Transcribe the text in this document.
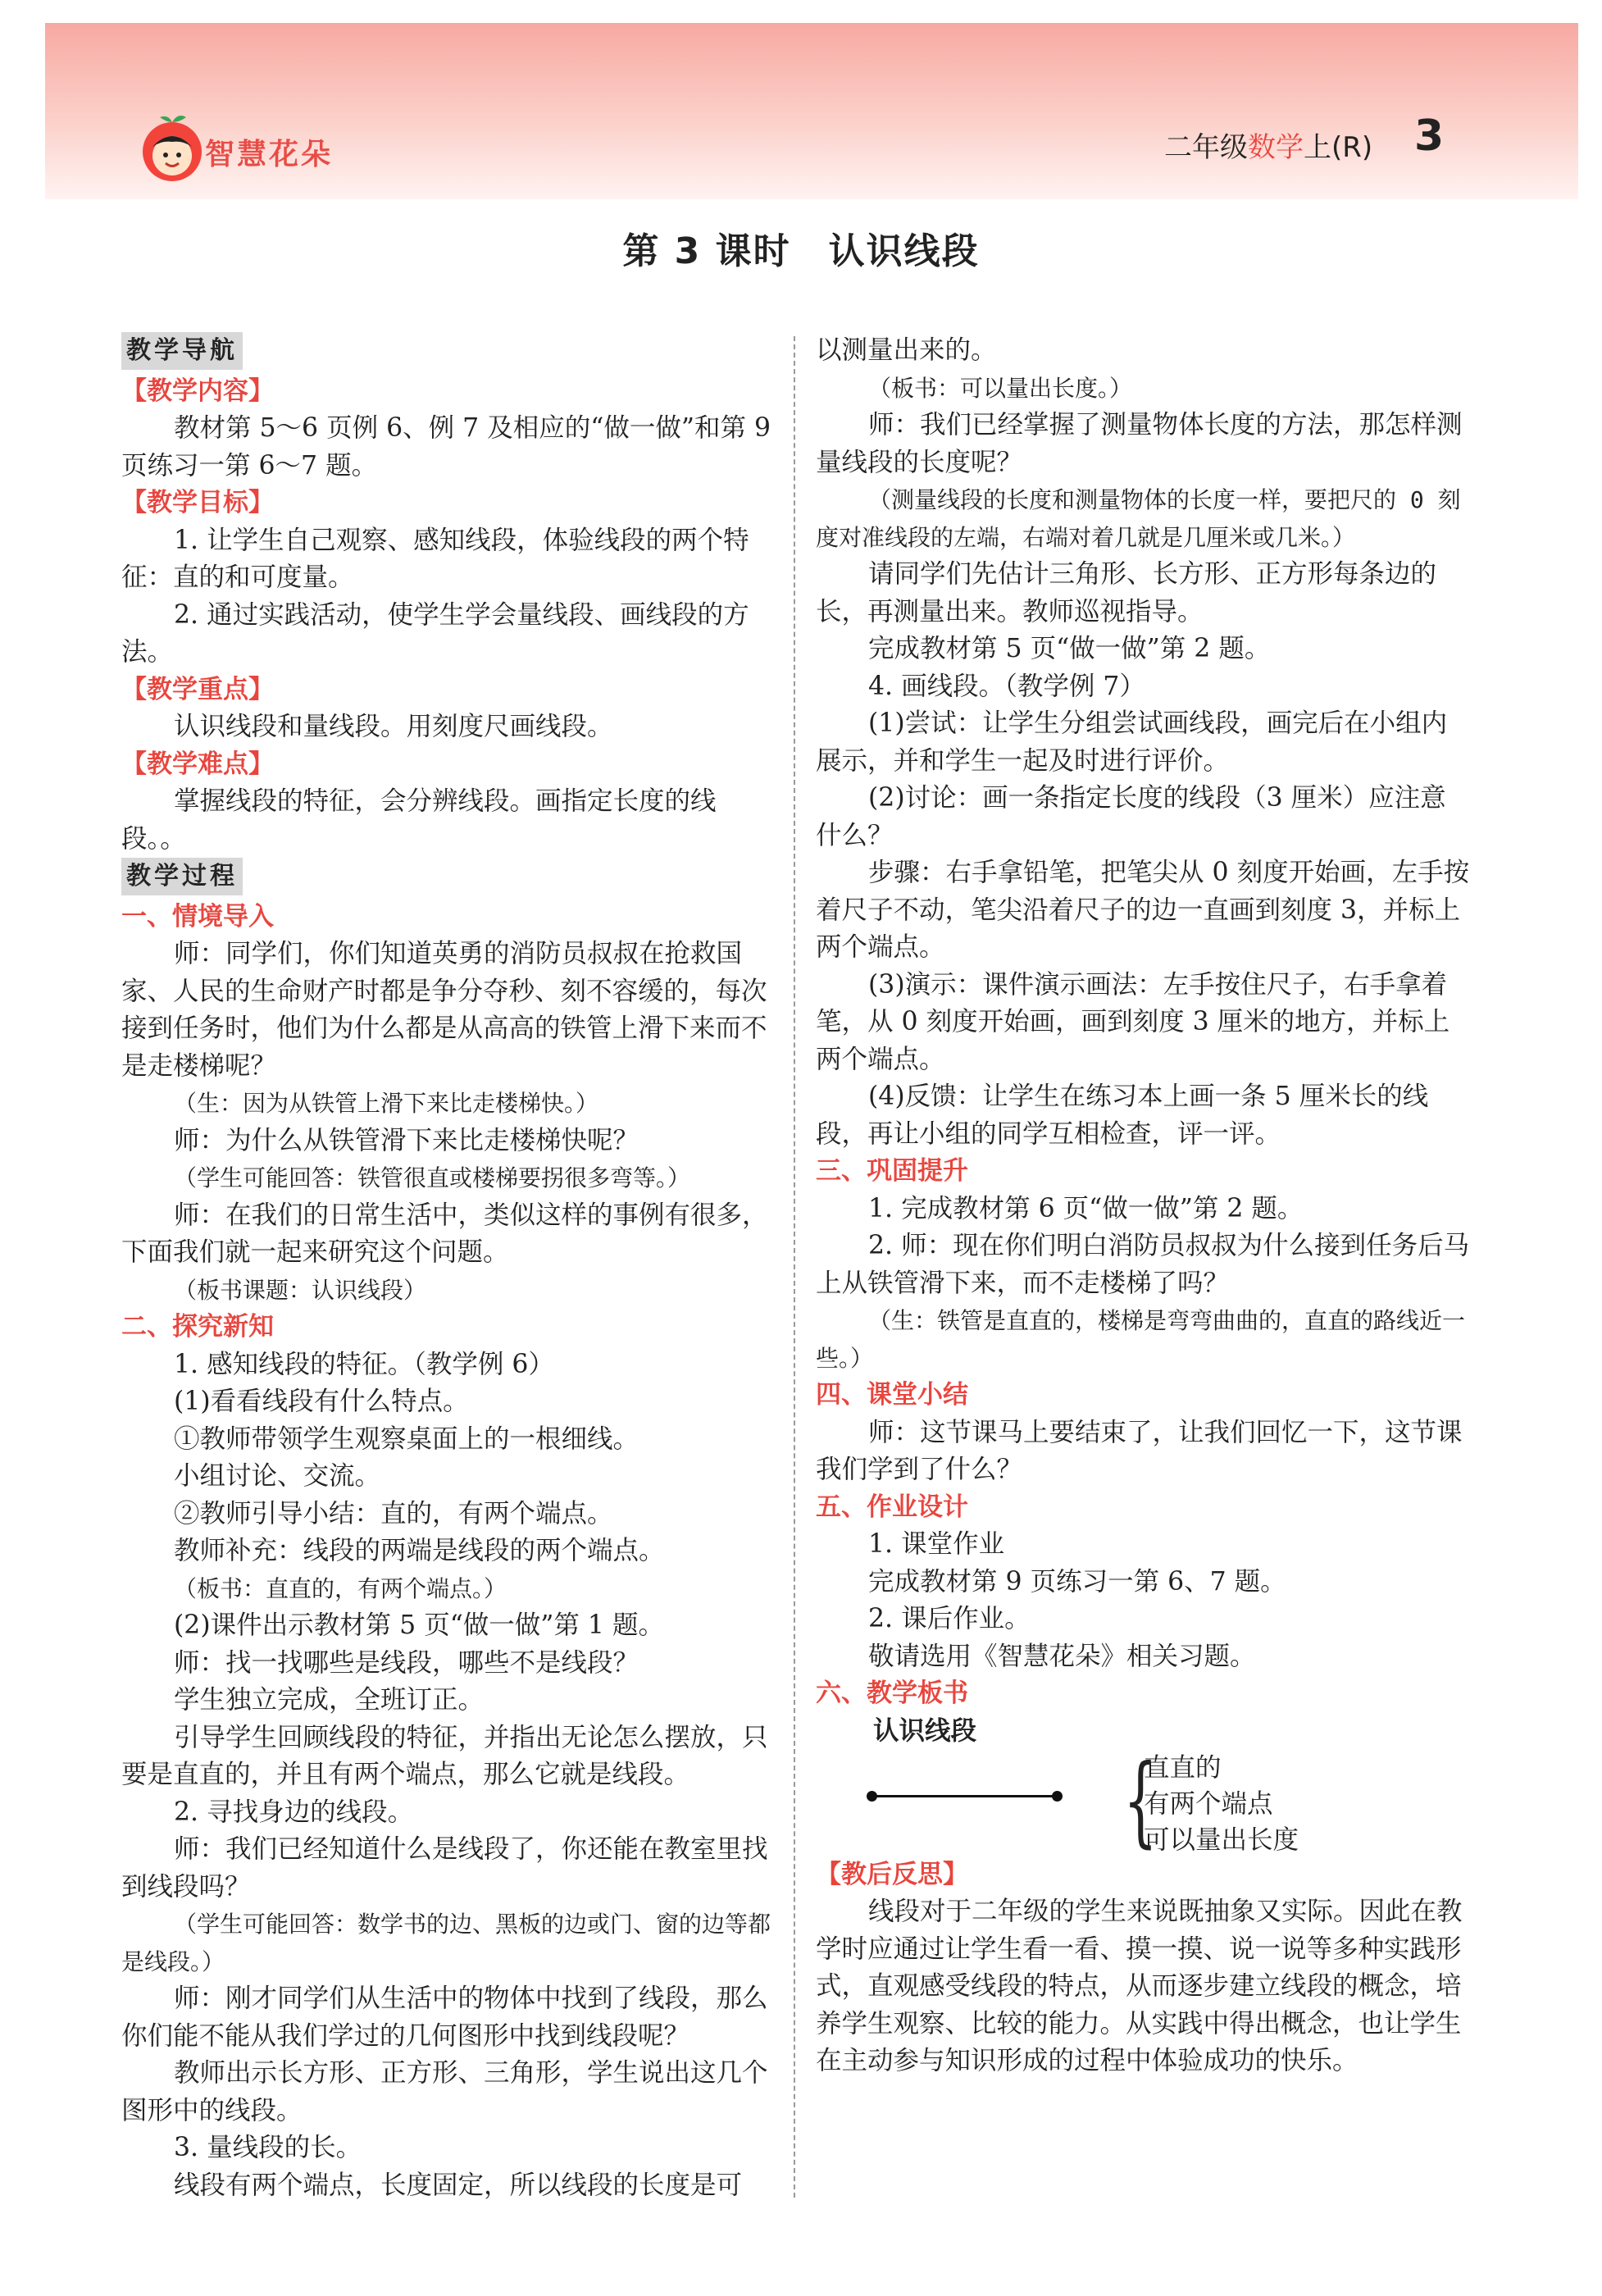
智慧花朵	二年级数学上(R) 3
第 3 课时　认识线段
教学导航

【教学内容】

教材第 5～6 页例 6、例 7 及相应的“做一做”和第 9 页练习一第 6～7 题。

【教学目标】

1. 让学生自己观察、感知线段，体验线段的两个特征：直的和可度量。

2. 通过实践活动，使学生学会量线段、画线段的方法。

【教学重点】

认识线段和量线段。用刻度尺画线段。

【教学难点】

掌握线段的特征，会分辨线段。画指定长度的线段。。

教学过程

一、情境导入

师：同学们，你们知道英勇的消防员叔叔在抢救国家、人民的生命财产时都是争分夺秒、刻不容缓的，每次接到任务时，他们为什么都是从高高的铁管上滑下来而不是走楼梯呢？

（生：因为从铁管上滑下来比走楼梯快。）

师：为什么从铁管滑下来比走楼梯快呢？

（学生可能回答：铁管很直或楼梯要拐很多弯等。）

师：在我们的日常生活中，类似这样的事例有很多，下面我们就一起来研究这个问题。

（板书课题：认识线段）

二、探究新知

1. 感知线段的特征。（教学例 6）

(1)看看线段有什么特点。

①教师带领学生观察桌面上的一根细线。

小组讨论、交流。

②教师引导小结：直的，有两个端点。

教师补充：线段的两端是线段的两个端点。

（板书：直直的，有两个端点。）

(2)课件出示教材第 5 页“做一做”第 1 题。

师：找一找哪些是线段，哪些不是线段？

学生独立完成，全班订正。

引导学生回顾线段的特征，并指出无论怎么摆放，只要是直直的，并且有两个端点，那么它就是线段。

2. 寻找身边的线段。

师：我们已经知道什么是线段了，你还能在教室里找到线段吗？

（学生可能回答：数学书的边、黑板的边或门、窗的边等都是线段。）

师：刚才同学们从生活中的物体中找到了线段，那么你们能不能从我们学过的几何图形中找到线段呢？

教师出示长方形、正方形、三角形，学生说出这几个图形中的线段。

3. 量线段的长。

线段有两个端点，长度固定，所以线段的长度是可

以测量出来的。

（板书：可以量出长度。）

师：我们已经掌握了测量物体长度的方法，那怎样测量线段的长度呢？

（测量线段的长度和测量物体的长度一样，要把尺的 0 刻度对准线段的左端，右端对着几就是几厘米或几米。）

请同学们先估计三角形、长方形、正方形每条边的长，再测量出来。教师巡视指导。

完成教材第 5 页“做一做”第 2 题。

4. 画线段。（教学例 7）

(1)尝试：让学生分组尝试画线段，画完后在小组内展示，并和学生一起及时进行评价。

(2)讨论：画一条指定长度的线段（3 厘米）应注意什么？

步骤：右手拿铅笔，把笔尖从 0 刻度开始画，左手按着尺子不动，笔尖沿着尺子的边一直画到刻度 3，并标上两个端点。

(3)演示：课件演示画法：左手按住尺子，右手拿着笔，从 0 刻度开始画，画到刻度 3 厘米的地方，并标上两个端点。

(4)反馈：让学生在练习本上画一条 5 厘米长的线段，再让小组的同学互相检查，评一评。

三、巩固提升

1. 完成教材第 6 页“做一做”第 2 题。

2. 师：现在你们明白消防员叔叔为什么接到任务后马上从铁管滑下来，而不走楼梯了吗？

（生：铁管是直直的，楼梯是弯弯曲曲的，直直的路线近一些。）

四、课堂小结

师：这节课马上要结束了，让我们回忆一下，这节课我们学到了什么？

五、作业设计

1. 课堂作业

完成教材第 9 页练习一第 6、7 题。

2. 课后作业。

敬请选用《智慧花朵》相关习题。

六、教学板书

认识线段
{
直直的
有两个端点
可以量出长度

【教后反思】

线段对于二年级的学生来说既抽象又实际。因此在教学时应通过让学生看一看、摸一摸、说一说等多种实践形式，直观感受线段的特点，从而逐步建立线段的概念，培养学生观察、比较的能力。从实践中得出概念，也让学生在主动参与知识形成的过程中体验成功的快乐。
